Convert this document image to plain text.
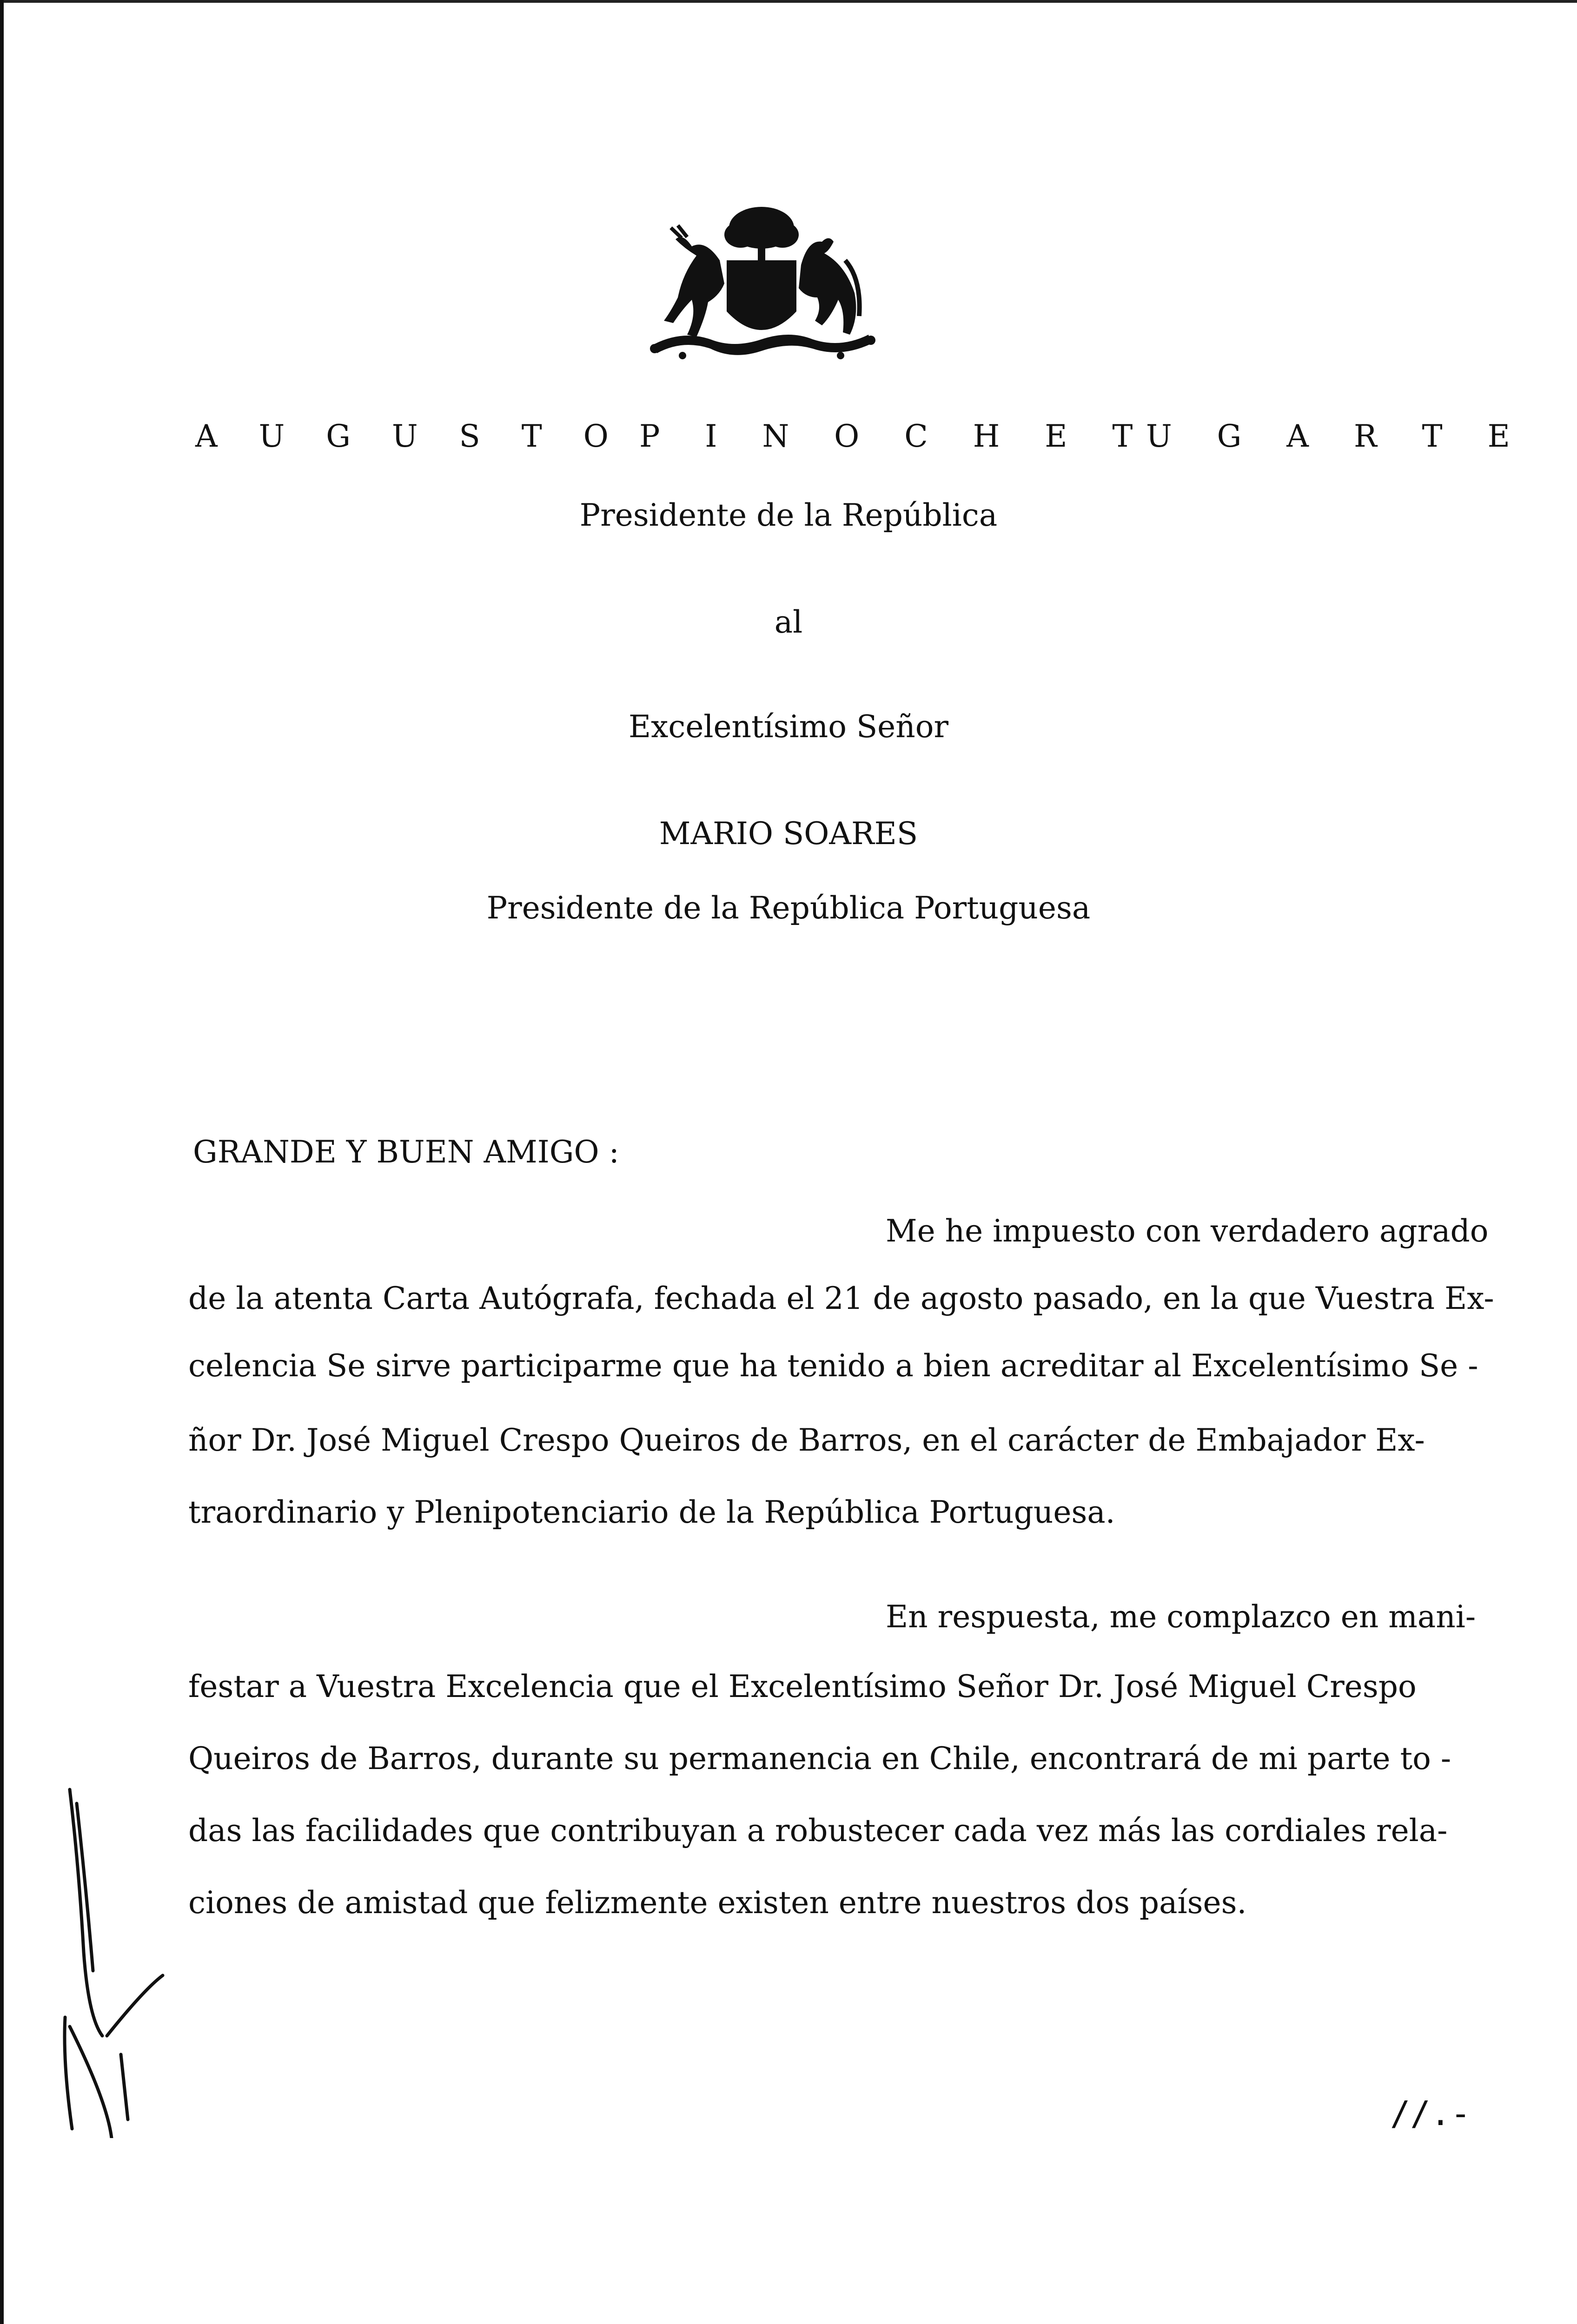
A U G U S T O P I N O C H E T
U G A R T E
Presidente de la República
al
Excelentísimo Señor
MARIO SOARES
Presidente de la República Portuguesa
GRANDE Y BUEN AMIGO :
Me he impuesto con verdadero agrado
de la atenta Carta Autógrafa, fechada el 21 de agosto pasado, en la que Vuestra Ex-
celencia Se sirve participarme que ha tenido a bien acreditar al Excelentísimo Se -
ñor Dr. José Miguel Crespo Queiros de Barros, en el carácter de Embajador Ex-
traordinario y Plenipotenciario de la República Portuguesa.
En respuesta, me complazco en mani-
festar a Vuestra Excelencia que el Excelentísimo Señor Dr. José Miguel Crespo
Queiros de Barros, durante su permanencia en Chile, encontrará de mi parte to -
das las facilidades que contribuyan a robustecer cada vez más las cordiales rela-
ciones de amistad que felizmente existen entre nuestros dos países.
//.-
